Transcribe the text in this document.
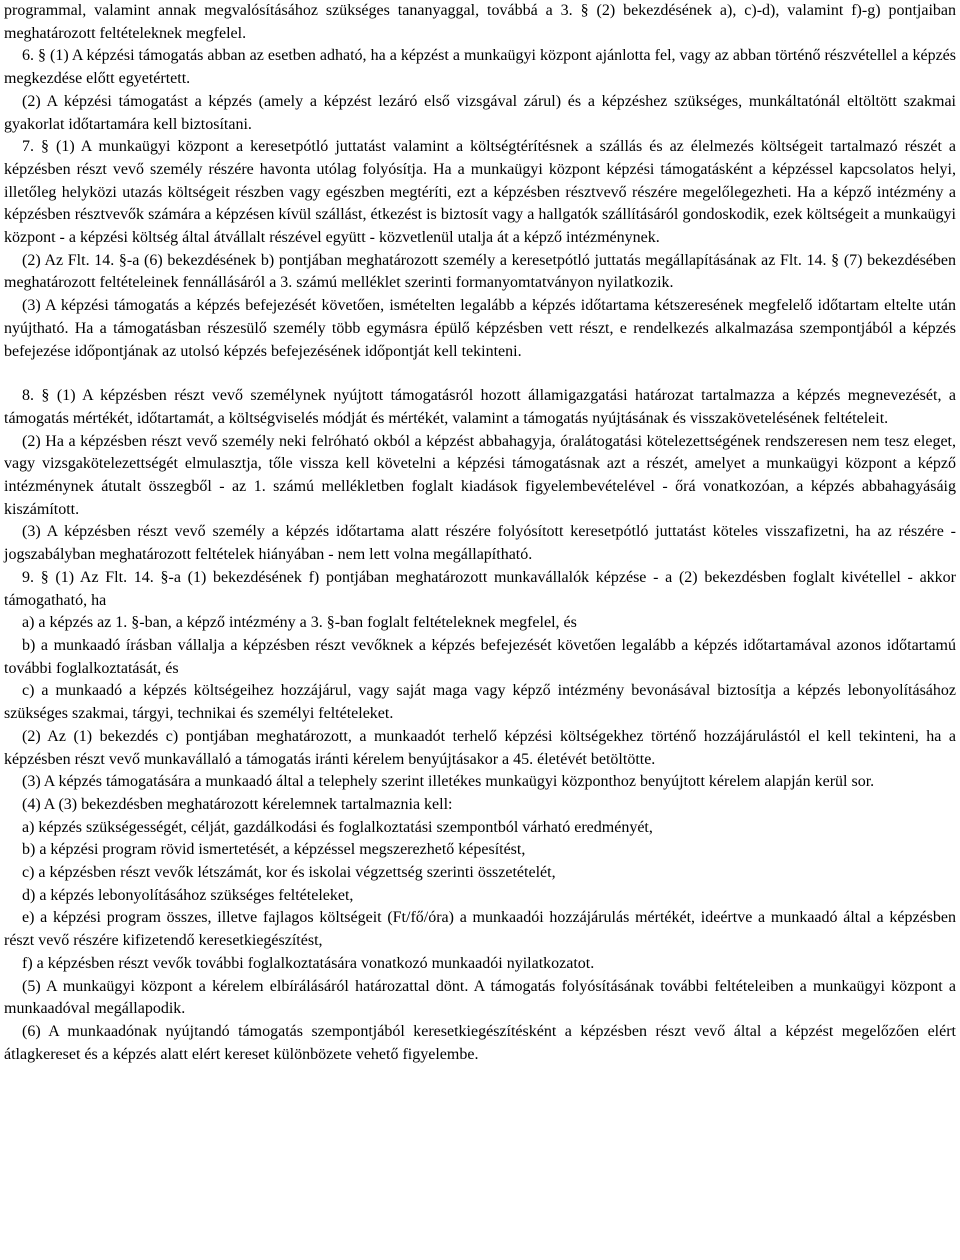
programmal, valamint annak megvalósításához szükséges tananyaggal, továbbá a 3. § (2) bekezdésének a), c)-d), valamint f)-g) pontjaiban meghatározott feltételeknek megfelel.

6. § (1) A képzési támogatás abban az esetben adható, ha a képzést a munkaügyi központ ajánlotta fel, vagy az abban történő részvétellel a képzés megkezdése előtt egyetértett.

(2) A képzési támogatást a képzés (amely a képzést lezáró első vizsgával zárul) és a képzéshez szükséges, munkáltatónál eltöltött szakmai gyakorlat időtartamára kell biztosítani.

7. § (1) A munkaügyi központ a keresetpótló juttatást valamint a költségtérítésnek a szállás és az élelmezés költségeit tartalmazó részét a képzésben részt vevő személy részére havonta utólag folyósítja. Ha a munkaügyi központ képzési támogatásként a képzéssel kapcsolatos helyi, illetőleg helyközi utazás költségeit részben vagy egészben megtéríti, ezt a képzésben résztvevő részére megelőlegezheti. Ha a képző intézmény a képzésben résztvevők számára a képzésen kívül szállást, étkezést is biztosít vagy a hallgatók szállításáról gondoskodik, ezek költségeit a munkaügyi központ - a képzési költség által átvállalt részével együtt - közvetlenül utalja át a képző intézménynek.

(2) Az Flt. 14. §-a (6) bekezdésének b) pontjában meghatározott személy a keresetpótló juttatás megállapításának az Flt. 14. § (7) bekezdésében meghatározott feltételeinek fennállásáról a 3. számú melléklet szerinti formanyomtatványon nyilatkozik.

(3) A képzési támogatás a képzés befejezését követően, ismételten legalább a képzés időtartama kétszeresének megfelelő időtartam eltelte után nyújtható. Ha a támogatásban részesülő személy több egymásra épülő képzésben vett részt, e rendelkezés alkalmazása szempontjából a képzés befejezése időpontjának az utolsó képzés befejezésének időpontját kell tekinteni.

8. § (1) A képzésben részt vevő személynek nyújtott támogatásról hozott államigazgatási határozat tartalmazza a képzés megnevezését, a támogatás mértékét, időtartamát, a költségviselés módját és mértékét, valamint a támogatás nyújtásának és visszakövetelésének feltételeit.

(2) Ha a képzésben részt vevő személy neki felróható okból a képzést abbahagyja, óralátogatási kötelezettségének rendszeresen nem tesz eleget, vagy vizsgakötelezettségét elmulasztja, tőle vissza kell követelni a képzési támogatásnak azt a részét, amelyet a munkaügyi központ a képző intézménynek átutalt összegből - az 1. számú mellékletben foglalt kiadások figyelembevételével - őrá vonatkozóan, a képzés abbahagyásáig kiszámított.

(3) A képzésben részt vevő személy a képzés időtartama alatt részére folyósított keresetpótló juttatást köteles visszafizetni, ha az részére - jogszabályban meghatározott feltételek hiányában - nem lett volna megállapítható.

9. § (1) Az Flt. 14. §-a (1) bekezdésének f) pontjában meghatározott munkavállalók képzése - a (2) bekezdésben foglalt kivétellel - akkor támogatható, ha

a) a képzés az 1. §-ban, a képző intézmény a 3. §-ban foglalt feltételeknek megfelel, és

b) a munkaadó írásban vállalja a képzésben részt vevőknek a képzés befejezését követően legalább a képzés időtartamával azonos időtartamú további foglalkoztatását, és

c) a munkaadó a képzés költségeihez hozzájárul, vagy saját maga vagy képző intézmény bevonásával biztosítja a képzés lebonyolításához szükséges szakmai, tárgyi, technikai és személyi feltételeket.

(2) Az (1) bekezdés c) pontjában meghatározott, a munkaadót terhelő képzési költségekhez történő hozzájárulástól el kell tekinteni, ha a képzésben részt vevő munkavállaló a támogatás iránti kérelem benyújtásakor a 45. életévét betöltötte.

(3) A képzés támogatására a munkaadó által a telephely szerint illetékes munkaügyi központhoz benyújtott kérelem alapján kerül sor.

(4) A (3) bekezdésben meghatározott kérelemnek tartalmaznia kell:

a) képzés szükségességét, célját, gazdálkodási és foglalkoztatási szempontból várható eredményét,

b) a képzési program rövid ismertetését, a képzéssel megszerezhető képesítést,

c) a képzésben részt vevők létszámát, kor és iskolai végzettség szerinti összetételét,

d) a képzés lebonyolításához szükséges feltételeket,

e) a képzési program összes, illetve fajlagos költségeit (Ft/fő/óra) a munkaadói hozzájárulás mértékét, ideértve a munkaadó által a képzésben részt vevő részére kifizetendő keresetkiegészítést,

f) a képzésben részt vevők további foglalkoztatására vonatkozó munkaadói nyilatkozatot.

(5) A munkaügyi központ a kérelem elbírálásáról határozattal dönt. A támogatás folyósításának további feltételeiben a munkaügyi központ a munkaadóval megállapodik.

(6) A munkaadónak nyújtandó támogatás szempontjából keresetkiegészítésként a képzésben részt vevő által a képzést megelőzően elért átlagkereset és a képzés alatt elért kereset különbözete vehető figyelembe.
